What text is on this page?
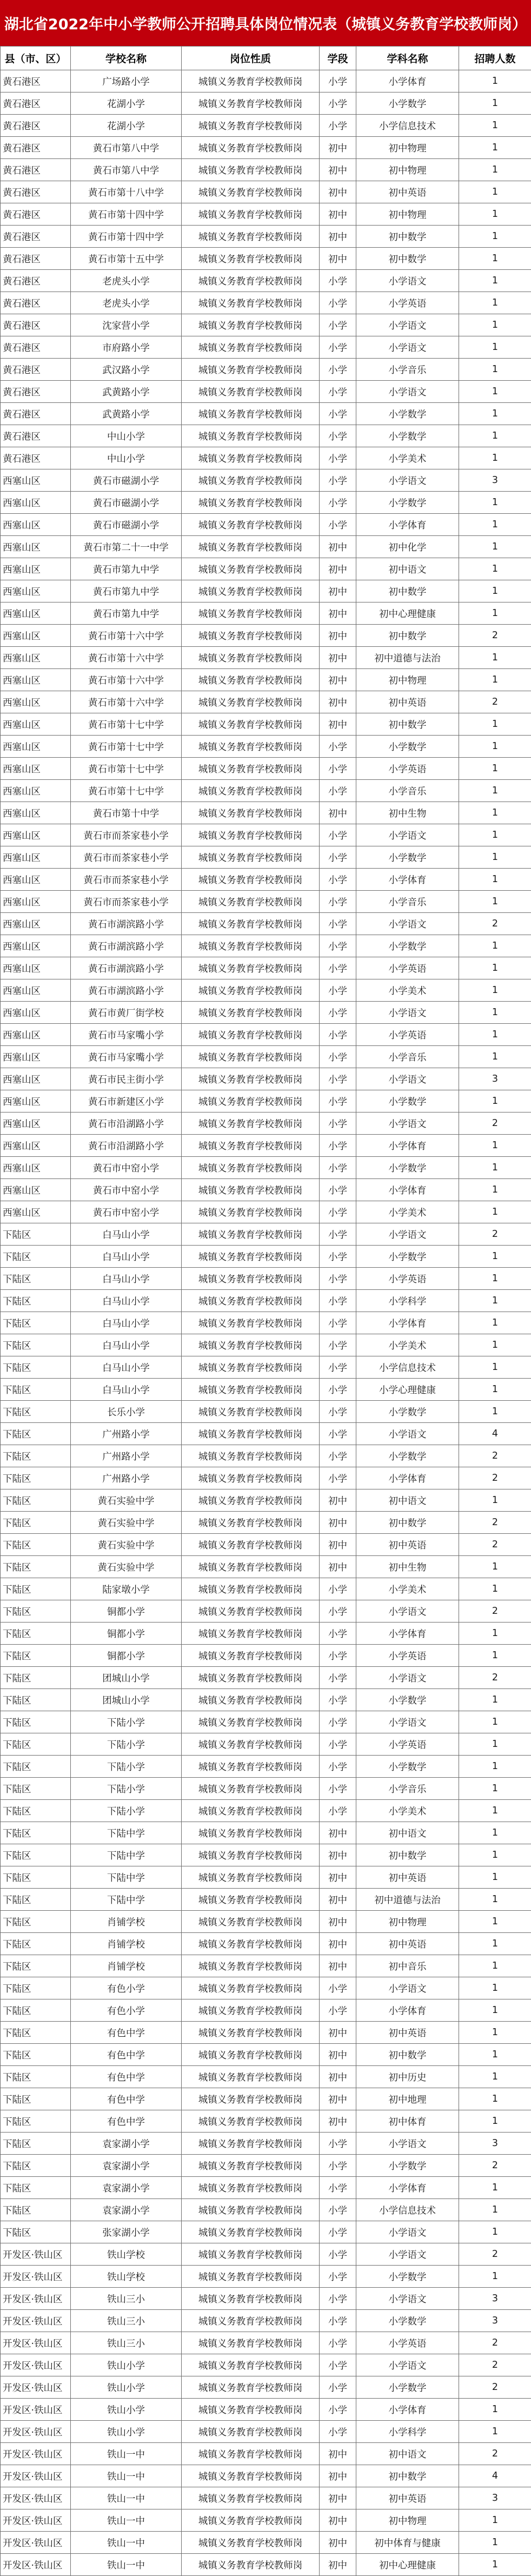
湖北省2022年中小学教师公开招聘具体岗位情况表（城镇义务教育学校教师岗）
县（市、区）	学校名称	岗位性质	学段	学科名称	招聘人数
黄石港区	广场路小学	城镇义务教育学校教师岗	小学	小学体育	1
黄石港区	花湖小学	城镇义务教育学校教师岗	小学	小学数学	1
黄石港区	花湖小学	城镇义务教育学校教师岗	小学	小学信息技术	1
黄石港区	黄石市第八中学	城镇义务教育学校教师岗	初中	初中物理	1
黄石港区	黄石市第八中学	城镇义务教育学校教师岗	初中	初中物理	1
黄石港区	黄石市第十八中学	城镇义务教育学校教师岗	初中	初中英语	1
黄石港区	黄石市第十四中学	城镇义务教育学校教师岗	初中	初中物理	1
黄石港区	黄石市第十四中学	城镇义务教育学校教师岗	初中	初中数学	1
黄石港区	黄石市第十五中学	城镇义务教育学校教师岗	初中	初中数学	1
黄石港区	老虎头小学	城镇义务教育学校教师岗	小学	小学语文	1
黄石港区	老虎头小学	城镇义务教育学校教师岗	小学	小学英语	1
黄石港区	沈家营小学	城镇义务教育学校教师岗	小学	小学语文	1
黄石港区	市府路小学	城镇义务教育学校教师岗	小学	小学语文	1
黄石港区	武汉路小学	城镇义务教育学校教师岗	小学	小学音乐	1
黄石港区	武黄路小学	城镇义务教育学校教师岗	小学	小学语文	1
黄石港区	武黄路小学	城镇义务教育学校教师岗	小学	小学数学	1
黄石港区	中山小学	城镇义务教育学校教师岗	小学	小学数学	1
黄石港区	中山小学	城镇义务教育学校教师岗	小学	小学美术	1
西塞山区	黄石市磁湖小学	城镇义务教育学校教师岗	小学	小学语文	3
西塞山区	黄石市磁湖小学	城镇义务教育学校教师岗	小学	小学数学	1
西塞山区	黄石市磁湖小学	城镇义务教育学校教师岗	小学	小学体育	1
西塞山区	黄石市第二十一中学	城镇义务教育学校教师岗	初中	初中化学	1
西塞山区	黄石市第九中学	城镇义务教育学校教师岗	初中	初中语文	1
西塞山区	黄石市第九中学	城镇义务教育学校教师岗	初中	初中数学	1
西塞山区	黄石市第九中学	城镇义务教育学校教师岗	初中	初中心理健康	1
西塞山区	黄石市第十六中学	城镇义务教育学校教师岗	初中	初中数学	2
西塞山区	黄石市第十六中学	城镇义务教育学校教师岗	初中	初中道德与法治	1
西塞山区	黄石市第十六中学	城镇义务教育学校教师岗	初中	初中物理	1
西塞山区	黄石市第十六中学	城镇义务教育学校教师岗	初中	初中英语	2
西塞山区	黄石市第十七中学	城镇义务教育学校教师岗	初中	初中数学	1
西塞山区	黄石市第十七中学	城镇义务教育学校教师岗	小学	小学数学	1
西塞山区	黄石市第十七中学	城镇义务教育学校教师岗	小学	小学英语	1
西塞山区	黄石市第十七中学	城镇义务教育学校教师岗	小学	小学音乐	1
西塞山区	黄石市第十中学	城镇义务教育学校教师岗	初中	初中生物	1
西塞山区	黄石市而茶家巷小学	城镇义务教育学校教师岗	小学	小学语文	1
西塞山区	黄石市而茶家巷小学	城镇义务教育学校教师岗	小学	小学数学	1
西塞山区	黄石市而茶家巷小学	城镇义务教育学校教师岗	小学	小学体育	1
西塞山区	黄石市而茶家巷小学	城镇义务教育学校教师岗	小学	小学音乐	1
西塞山区	黄石市湖滨路小学	城镇义务教育学校教师岗	小学	小学语文	2
西塞山区	黄石市湖滨路小学	城镇义务教育学校教师岗	小学	小学数学	1
西塞山区	黄石市湖滨路小学	城镇义务教育学校教师岗	小学	小学英语	1
西塞山区	黄石市湖滨路小学	城镇义务教育学校教师岗	小学	小学美术	1
西塞山区	黄石市黄厂街学校	城镇义务教育学校教师岗	小学	小学语文	1
西塞山区	黄石市马家嘴小学	城镇义务教育学校教师岗	小学	小学英语	1
西塞山区	黄石市马家嘴小学	城镇义务教育学校教师岗	小学	小学音乐	1
西塞山区	黄石市民主街小学	城镇义务教育学校教师岗	小学	小学语文	3
西塞山区	黄石市新建区小学	城镇义务教育学校教师岗	小学	小学数学	1
西塞山区	黄石市沿湖路小学	城镇义务教育学校教师岗	小学	小学语文	2
西塞山区	黄石市沿湖路小学	城镇义务教育学校教师岗	小学	小学体育	1
西塞山区	黄石市中窑小学	城镇义务教育学校教师岗	小学	小学数学	1
西塞山区	黄石市中窑小学	城镇义务教育学校教师岗	小学	小学体育	1
西塞山区	黄石市中窑小学	城镇义务教育学校教师岗	小学	小学美术	1
下陆区	白马山小学	城镇义务教育学校教师岗	小学	小学语文	2
下陆区	白马山小学	城镇义务教育学校教师岗	小学	小学数学	1
下陆区	白马山小学	城镇义务教育学校教师岗	小学	小学英语	1
下陆区	白马山小学	城镇义务教育学校教师岗	小学	小学科学	1
下陆区	白马山小学	城镇义务教育学校教师岗	小学	小学体育	1
下陆区	白马山小学	城镇义务教育学校教师岗	小学	小学美术	1
下陆区	白马山小学	城镇义务教育学校教师岗	小学	小学信息技术	1
下陆区	白马山小学	城镇义务教育学校教师岗	小学	小学心理健康	1
下陆区	长乐小学	城镇义务教育学校教师岗	小学	小学数学	1
下陆区	广州路小学	城镇义务教育学校教师岗	小学	小学语文	4
下陆区	广州路小学	城镇义务教育学校教师岗	小学	小学数学	2
下陆区	广州路小学	城镇义务教育学校教师岗	小学	小学体育	2
下陆区	黄石实验中学	城镇义务教育学校教师岗	初中	初中语文	1
下陆区	黄石实验中学	城镇义务教育学校教师岗	初中	初中数学	2
下陆区	黄石实验中学	城镇义务教育学校教师岗	初中	初中英语	2
下陆区	黄石实验中学	城镇义务教育学校教师岗	初中	初中生物	1
下陆区	陆家墩小学	城镇义务教育学校教师岗	小学	小学美术	1
下陆区	铜都小学	城镇义务教育学校教师岗	小学	小学语文	2
下陆区	铜都小学	城镇义务教育学校教师岗	小学	小学体育	1
下陆区	铜都小学	城镇义务教育学校教师岗	小学	小学英语	1
下陆区	团城山小学	城镇义务教育学校教师岗	小学	小学语文	2
下陆区	团城山小学	城镇义务教育学校教师岗	小学	小学数学	1
下陆区	下陆小学	城镇义务教育学校教师岗	小学	小学语文	1
下陆区	下陆小学	城镇义务教育学校教师岗	小学	小学英语	1
下陆区	下陆小学	城镇义务教育学校教师岗	小学	小学数学	1
下陆区	下陆小学	城镇义务教育学校教师岗	小学	小学音乐	1
下陆区	下陆小学	城镇义务教育学校教师岗	小学	小学美术	1
下陆区	下陆中学	城镇义务教育学校教师岗	初中	初中语文	1
下陆区	下陆中学	城镇义务教育学校教师岗	初中	初中数学	1
下陆区	下陆中学	城镇义务教育学校教师岗	初中	初中英语	1
下陆区	下陆中学	城镇义务教育学校教师岗	初中	初中道德与法治	1
下陆区	肖铺学校	城镇义务教育学校教师岗	初中	初中物理	1
下陆区	肖铺学校	城镇义务教育学校教师岗	初中	初中英语	1
下陆区	肖铺学校	城镇义务教育学校教师岗	初中	初中音乐	1
下陆区	有色小学	城镇义务教育学校教师岗	小学	小学语文	1
下陆区	有色小学	城镇义务教育学校教师岗	小学	小学体育	1
下陆区	有色中学	城镇义务教育学校教师岗	初中	初中英语	1
下陆区	有色中学	城镇义务教育学校教师岗	初中	初中数学	1
下陆区	有色中学	城镇义务教育学校教师岗	初中	初中历史	1
下陆区	有色中学	城镇义务教育学校教师岗	初中	初中地理	1
下陆区	有色中学	城镇义务教育学校教师岗	初中	初中体育	1
下陆区	袁家湖小学	城镇义务教育学校教师岗	小学	小学语文	3
下陆区	袁家湖小学	城镇义务教育学校教师岗	小学	小学数学	2
下陆区	袁家湖小学	城镇义务教育学校教师岗	小学	小学体育	1
下陆区	袁家湖小学	城镇义务教育学校教师岗	小学	小学信息技术	1
下陆区	张家湖小学	城镇义务教育学校教师岗	小学	小学语文	1
开发区·铁山区	铁山学校	城镇义务教育学校教师岗	小学	小学语文	2
开发区·铁山区	铁山学校	城镇义务教育学校教师岗	小学	小学数学	1
开发区·铁山区	铁山三小	城镇义务教育学校教师岗	小学	小学语文	3
开发区·铁山区	铁山三小	城镇义务教育学校教师岗	小学	小学数学	3
开发区·铁山区	铁山三小	城镇义务教育学校教师岗	小学	小学英语	2
开发区·铁山区	铁山小学	城镇义务教育学校教师岗	小学	小学语文	2
开发区·铁山区	铁山小学	城镇义务教育学校教师岗	小学	小学数学	2
开发区·铁山区	铁山小学	城镇义务教育学校教师岗	小学	小学体育	1
开发区·铁山区	铁山小学	城镇义务教育学校教师岗	小学	小学科学	1
开发区·铁山区	铁山一中	城镇义务教育学校教师岗	初中	初中语文	2
开发区·铁山区	铁山一中	城镇义务教育学校教师岗	初中	初中数学	4
开发区·铁山区	铁山一中	城镇义务教育学校教师岗	初中	初中英语	3
开发区·铁山区	铁山一中	城镇义务教育学校教师岗	初中	初中物理	1
开发区·铁山区	铁山一中	城镇义务教育学校教师岗	初中	初中体育与健康	1
开发区·铁山区	铁山一中	城镇义务教育学校教师岗	初中	初中心理健康	1
